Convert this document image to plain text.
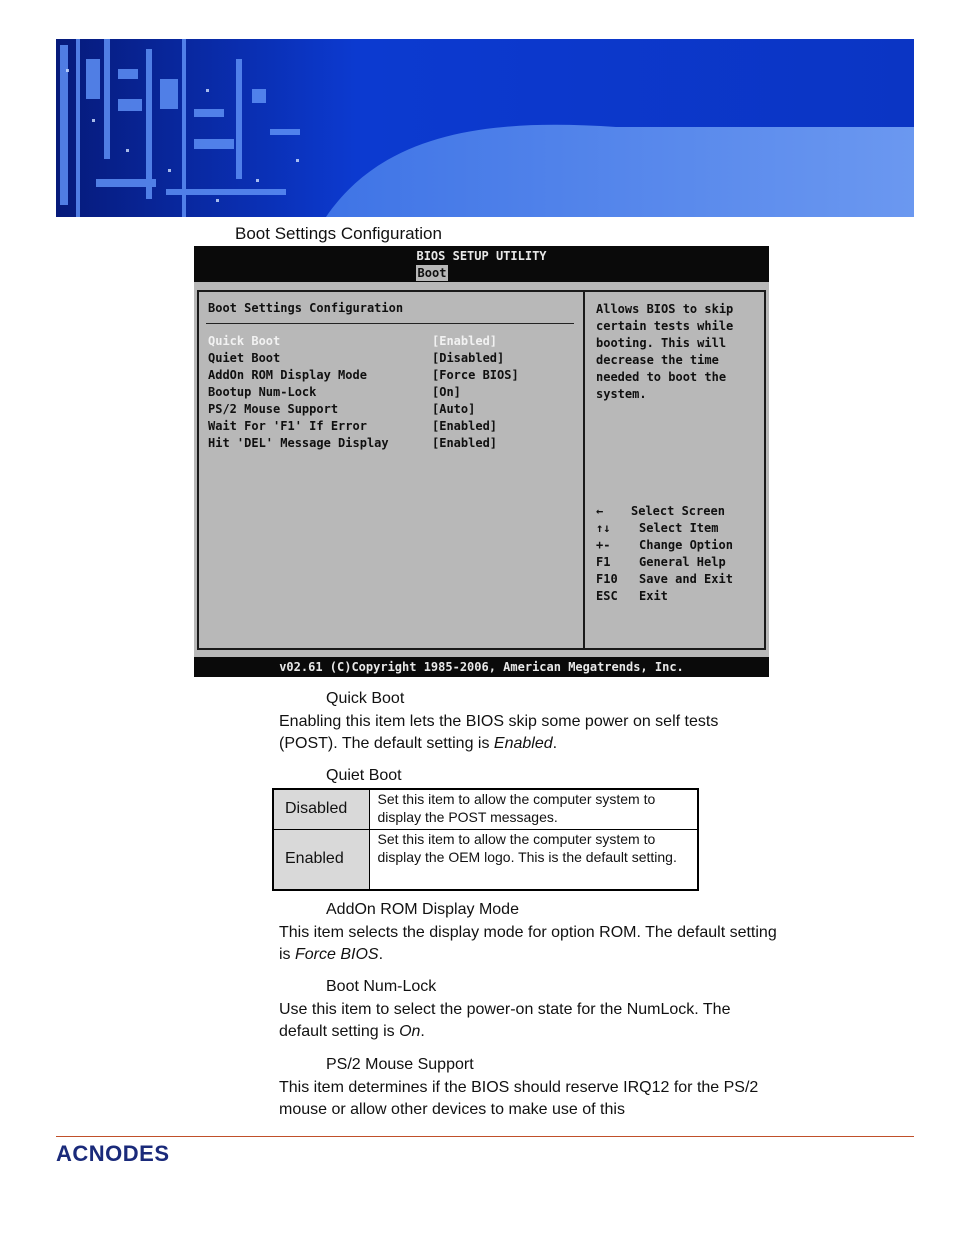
Boot Settings Configuration
BIOS SETUP UTILITY
Boot
Boot Settings Configuration
Quick Boot	[Enabled]
Quiet Boot	[Disabled]
AddOn ROM Display Mode	[Force BIOS]
Bootup Num-Lock	[On]
PS/2 Mouse Support	[Auto]
Wait For 'F1' If Error	[Enabled]
Hit 'DEL' Message Display	[Enabled]
Allows BIOS to skip
certain tests while
booting. This will
decrease the time
needed to boot the
system.
← Select Screen
↑↓ Select Item
+- Change Option
F1 General Help
F10 Save and Exit
ESC Exit
v02.61 (C)Copyright 1985-2006, American Megatrends, Inc.
Quick Boot
Enabling this item lets the BIOS skip some power on self tests (POST). The default setting is Enabled.
Quiet Boot
Disabled	Set this item to allow the computer system to display the POST messages.
Enabled	Set this item to allow the computer system to display the OEM logo. This is the default setting.
AddOn ROM Display Mode
This item selects the display mode for option ROM. The default setting is Force BIOS.
Boot Num-Lock
Use this item to select the power-on state for the NumLock. The default setting is On.
PS/2 Mouse Support
This item determines if the BIOS should reserve IRQ12 for the PS/2 mouse or allow other devices to make use of this
ACNODES
